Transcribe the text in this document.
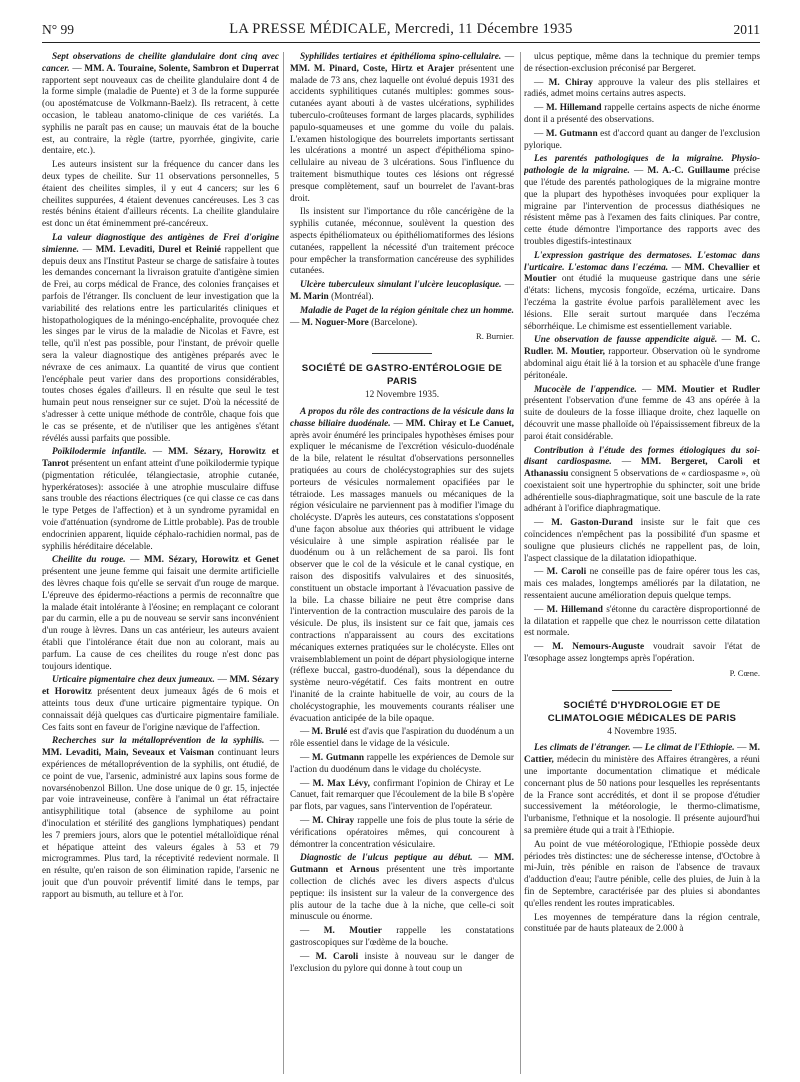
N° 99	LA PRESSE MÉDICALE, Mercredi, 11 Décembre 1935	2011

Sept observations de cheilite glandulaire dont cinq avec cancer. — MM. A. Touraine, Solente, Sambron et Duperrat rapportent sept nouveaux cas de cheilite glandulaire dont 4 de la forme simple (maladie de Puente) et 3 de la forme suppurée (ou apostématcuse de Volkmann-Baelz). Ils retracent, à cette occasion, le tableau anatomo-clinique de ces variétés. La syphilis ne paraît pas en cause; un mauvais état de la bouche est, au contraire, la règle (tartre, pyorrhée, gingivite, carie dentaire, etc.).

Les auteurs insistent sur la fréquence du cancer dans les deux types de cheilite. Sur 11 observations personnelles, 5 étaient des cheilites simples, il y eut 4 cancers; sur les 6 cheilites suppurées, 4 étaient devenues cancéreuses. Les 3 cas restés bénins étaient d'ailleurs récents. La cheilite glandulaire est donc un état éminemment pré-cancéreux.

La valeur diagnostique des antigènes de Frei d'origine simienne. — MM. Levaditi, Durel et Reinié rappellent que depuis deux ans l'Institut Pasteur se charge de satisfaire à toutes les demandes concernant la livraison gratuite d'antigène simien de Frei, au corps médical de France, des colonies françaises et parfois de l'étranger. Ils concluent de leur investigation que la variabilité des relations entre les particularités cliniques et histopathologiques de la méningo-encéphalite, provoquée chez les singes par le virus de la maladie de Nicolas et Favre, est telle, qu'il n'est pas possible, pour l'instant, de prévoir quelle sera la valeur diagnostique des antigènes préparés avec le névraxe de ces animaux. La quantité de virus que contient l'encéphale peut varier dans des proportions considérables, toutes choses égales d'ailleurs. Il en résulte que seul le test humain peut nous renseigner sur ce sujet. D'où la nécessité de s'adresser à cette unique méthode de contrôle, chaque fois que le cas se présente, et de n'utiliser que les antigènes s'étant révélés aussi parfaits que possible.

Poïkilodermie infantile. — MM. Sézary, Horowitz et Tanrot présentent un enfant atteint d'une poïkilodermie typique (pigmentation réticulée, télangiectasie, atrophie cutanée, hyperkératoses): associée à une atrophie musculaire diffuse sans trouble des réactions électriques (ce qui classe ce cas dans le type Petges de l'affection) et à un syndrome pyramidal en voie d'atténuation (syndrome de Little probable). Pas de trouble endocrinien apparent, liquide céphalo-rachidien normal, pas de syphilis héréditaire décelable.

Cheilite du rouge. — MM. Sézary, Horowitz et Genet présentent une jeune femme qui faisait une dermite artificielle des lèvres chaque fois qu'elle se servait d'un rouge de marque. L'épreuve des épidermo-réactions a permis de reconnaître que la malade était intolérante à l'éosine; en remplaçant ce colorant par du carmin, elle a pu de nouveau se servir sans inconvénient d'un rouge à lèvres. Dans un cas antérieur, les auteurs avaient établi que l'intolérance était due non au colorant, mais au parfum. La cause de ces cheilites du rouge n'est donc pas toujours identique.

Urticaire pigmentaire chez deux jumeaux. — MM. Sézary et Horowitz présentent deux jumeaux âgés de 6 mois et atteints tous deux d'une urticaire pigmentaire typique. On connaissait déjà quelques cas d'urticaire pigmentaire familiale. Ces faits sont en faveur de l'origine nævique de l'affection.

Recherches sur la métalloprévention de la syphilis. — MM. Levaditi, Main, Seveaux et Vaisman continuant leurs expériences de métalloprévention de la syphilis, ont étudié, de ce point de vue, l'arsenic, administré aux lapins sous forme de novarsénobenzol Billon. Une dose unique de 0 gr. 15, injectée par voie intraveineuse, confère à l'animal un état réfractaire antisyphilitique total (absence de syphilome au point d'inoculation et stérilité des ganglions lymphatiques) pendant les 7 premiers jours, alors que le potentiel métalloïdique rénal et hépatique atteint des valeurs égales à 53 et 79 microgrammes. Plus tard, la réceptivité redevient normale. Il en résulte, qu'en raison de son élimination rapide, l'arsenic ne jouit que d'un pouvoir préventif limité dans le temps, par rapport au bismuth, au tellure et à l'or.

Syphilides tertiaires et épithélioma spino-cellulaire. — MM. M. Pinard, Coste, Hirtz et Arajer présentent une malade de 73 ans, chez laquelle ont évolué depuis 1931 des accidents syphilitiques cutanés multiples: gommes sous-cutanées ayant abouti à de vastes ulcérations, syphilides tuberculo-croûteuses formant de larges placards, syphilides papulo-squameuses et une gomme du voile du palais. L'examen histologique des bourrelets importants sertissant les ulcérations a montré un aspect d'épithélioma spino-cellulaire au niveau de 3 ulcérations. Sous l'influence du traitement bismuthique toutes ces lésions ont régressé presque complètement, sauf un bourrelet de l'avant-bras droit.

Ils insistent sur l'importance du rôle cancérigène de la syphilis cutanée, méconnue, soulèvent la question des aspects épithéliomateux ou épithéliomatiformes des lésions cutanées, rappellent la nécessité d'un traitement précoce pour empêcher la transformation cancéreuse des syphilides cutanées.

Ulcère tuberculeux simulant l'ulcère leucoplasique. — M. Marin (Montréal).

Maladie de Paget de la région génitale chez un homme. — M. Noguer-More (Barcelone).

R. Burnier.

SOCIÉTÉ DE GASTRO-ENTÉROLOGIE DE PARIS
12 Novembre 1935.

A propos du rôle des contractions de la vésicule dans la chasse biliaire duodénale. — MM. Chiray et Le Canuet, après avoir énuméré les principales hypothèses émises pour expliquer le mécanisme de l'excrétion vésiculo-duodénale de la bile, relatent le résultat d'observations personnelles pratiquées au cours de cholécystographies sur des sujets porteurs de vésicules normalement opacifiées par le tétraiode. Les massages manuels ou mécaniques de la région vésiculaire ne parviennent pas à modifier l'image du cholécyste. D'après les auteurs, ces constatations s'opposent d'une façon absolue aux théories qui attribuent le vidage vésiculaire à une simple aspiration réalisée par le duodénum ou à un relâchement de sa paroi. Ils font observer que le col de la vésicule et le canal cystique, en raison des dispositifs valvulaires et des sinuosités, constituent un obstacle important à l'évacuation passive de la bile. La chasse biliaire ne peut être comprise dans l'intervention de la contraction musculaire des parois de la vésicule. De plus, ils insistent sur ce fait que, jamais ces contractions n'apparaissent au cours des excitations mécaniques externes pratiquées sur le cholécyste. Elles ont vraisemblablement un point de départ physiologique interne (réflexe buccal, gastro-duodénal), sous la dépendance du système neuro-végétatif. Ces faits montrent en outre l'inanité de la crainte habituelle de voir, au cours de la cholécystographie, les mouvements courants réaliser une évacuation anticipée de la bile opaque.

— M. Brulé est d'avis que l'aspiration du duodénum a un rôle essentiel dans le vidage de la vésicule.

— M. Gutmann rappelle les expériences de Demole sur l'action du duodénum dans le vidage du cholécyste.

— M. Max Lévy, confirmant l'opinion de Chiray et Le Canuet, fait remarquer que l'écoulement de la bile B s'opère par flots, par vagues, sans l'intervention de l'opérateur.

— M. Chiray rappelle une fois de plus toute la série de vérifications opératoires mêmes, qui concourent à démontrer la concentration vésiculaire.

Diagnostic de l'ulcus peptique au début. — MM. Gutmann et Arnous présentent une très importante collection de clichés avec les divers aspects d'ulcus peptique: ils insistent sur la valeur de la convergence des plis autour de la tache due à la niche, que celle-ci soit minuscule ou énorme.

— M. Moutier rappelle les constatations gastroscopiques sur l'œdème de la bouche.

— M. Caroli insiste à nouveau sur le danger de l'exclusion du pylore qui donne à tout coup un

ulcus peptique, même dans la technique du premier temps de résection-exclusion préconisé par Bergeret.

— M. Chiray approuve la valeur des plis stellaires et radiés, admet moins certains autres aspects.

— M. Hillemand rappelle certains aspects de niche énorme dont il a présenté des observations.

— M. Gutmann est d'accord quant au danger de l'exclusion pylorique.

Les parentés pathologiques de la migraine. Physio-pathologie de la migraine. — M. A.-C. Guillaume précise que l'étude des parentés pathologiques de la migraine montre que la plupart des hypothèses invoquées pour expliquer la migraine par l'intervention de processus diathésiques ne résistent même pas à l'examen des faits cliniques. Par contre, cette étude démontre l'importance des rapports avec des troubles digestifs-intestinaux

L'expression gastrique des dermatoses. L'estomac dans l'urticaire. L'estomac dans l'eczéma. — MM. Chevallier et Moutier ont étudié la muqueuse gastrique dans une série d'états: lichens, mycosis fongoïde, eczéma, urticaire. Dans l'eczéma la gastrite évolue parfois parallèlement avec les lésions. Elle serait surtout marquée dans l'eczéma séborrhéique. Le chimisme est essentiellement variable.

Une observation de fausse appendicite aiguë. — M. C. Rudler. M. Moutier, rapporteur. Observation où le syndrome abdominal aigu était lié à la torsion et au sphacèle d'une frange péritonéale.

Mucocèle de l'appendice. — MM. Moutier et Rudler présentent l'observation d'une femme de 43 ans opérée à la suite de douleurs de la fosse illiaque droite, chez laquelle on découvrit une masse phalloïde où l'épaississement fibreux de la paroi était considérable.

Contribution à l'étude des formes étiologiques du soi-disant cardiospasme. — MM. Bergeret, Caroli et Athanassiu consignent 5 observations de « cardiospasme », où coexistaient soit une hypertrophie du sphincter, soit une bride adhérentielle sous-diaphragmatique, soit une bascule de la rate adhérant à l'orifice diaphragmatique.

— M. Gaston-Durand insiste sur le fait que ces coïncidences n'empêchent pas la possibilité d'un spasme et souligne que plusieurs clichés ne rappellent pas, de loin, l'aspect classique de la dilatation idiopathique.

— M. Caroli ne conseille pas de faire opérer tous les cas, mais ces malades, longtemps améliorés par la dilatation, ne ressentaient aucune amélioration depuis quelque temps.

— M. Hillemand s'étonne du caractère disproportionné de la dilatation et rappelle que chez le nourrisson cette dilatation est normale.

— M. Nemours-Auguste voudrait savoir l'état de l'œsophage assez longtemps après l'opération.

P. Cœne.

SOCIÉTÉ D'HYDROLOGIE ET DE CLIMATOLOGIE MÉDICALES DE PARIS
4 Novembre 1935.

Les climats de l'étranger. — Le climat de l'Ethiopie. — M. Cattier, médecin du ministère des Affaires étrangères, a réuni une importante documentation climatique et médicale concernant plus de 50 nations pour lesquelles les représentants de la France sont accrédités, et dont il se propose d'étudier successivement la météorologie, le thermo-climatisme, l'urbanisme, l'ethnique et la nosologie. Il présente aujourd'hui sa première étude qui a trait à l'Ethiopie.

Au point de vue météorologique, l'Ethiopie possède deux périodes très distinctes: une de sécheresse intense, d'Octobre à mi-Juin, très pénible en raison de l'absence de travaux d'adduction d'eau; l'autre pénible, celle des pluies, de Juin à la fin de Septembre, caractérisée par des pluies si abondantes qu'elles rendent les routes impraticables.

Les moyennes de température dans la région centrale, constituée par de hauts plateaux de 2.000 à
